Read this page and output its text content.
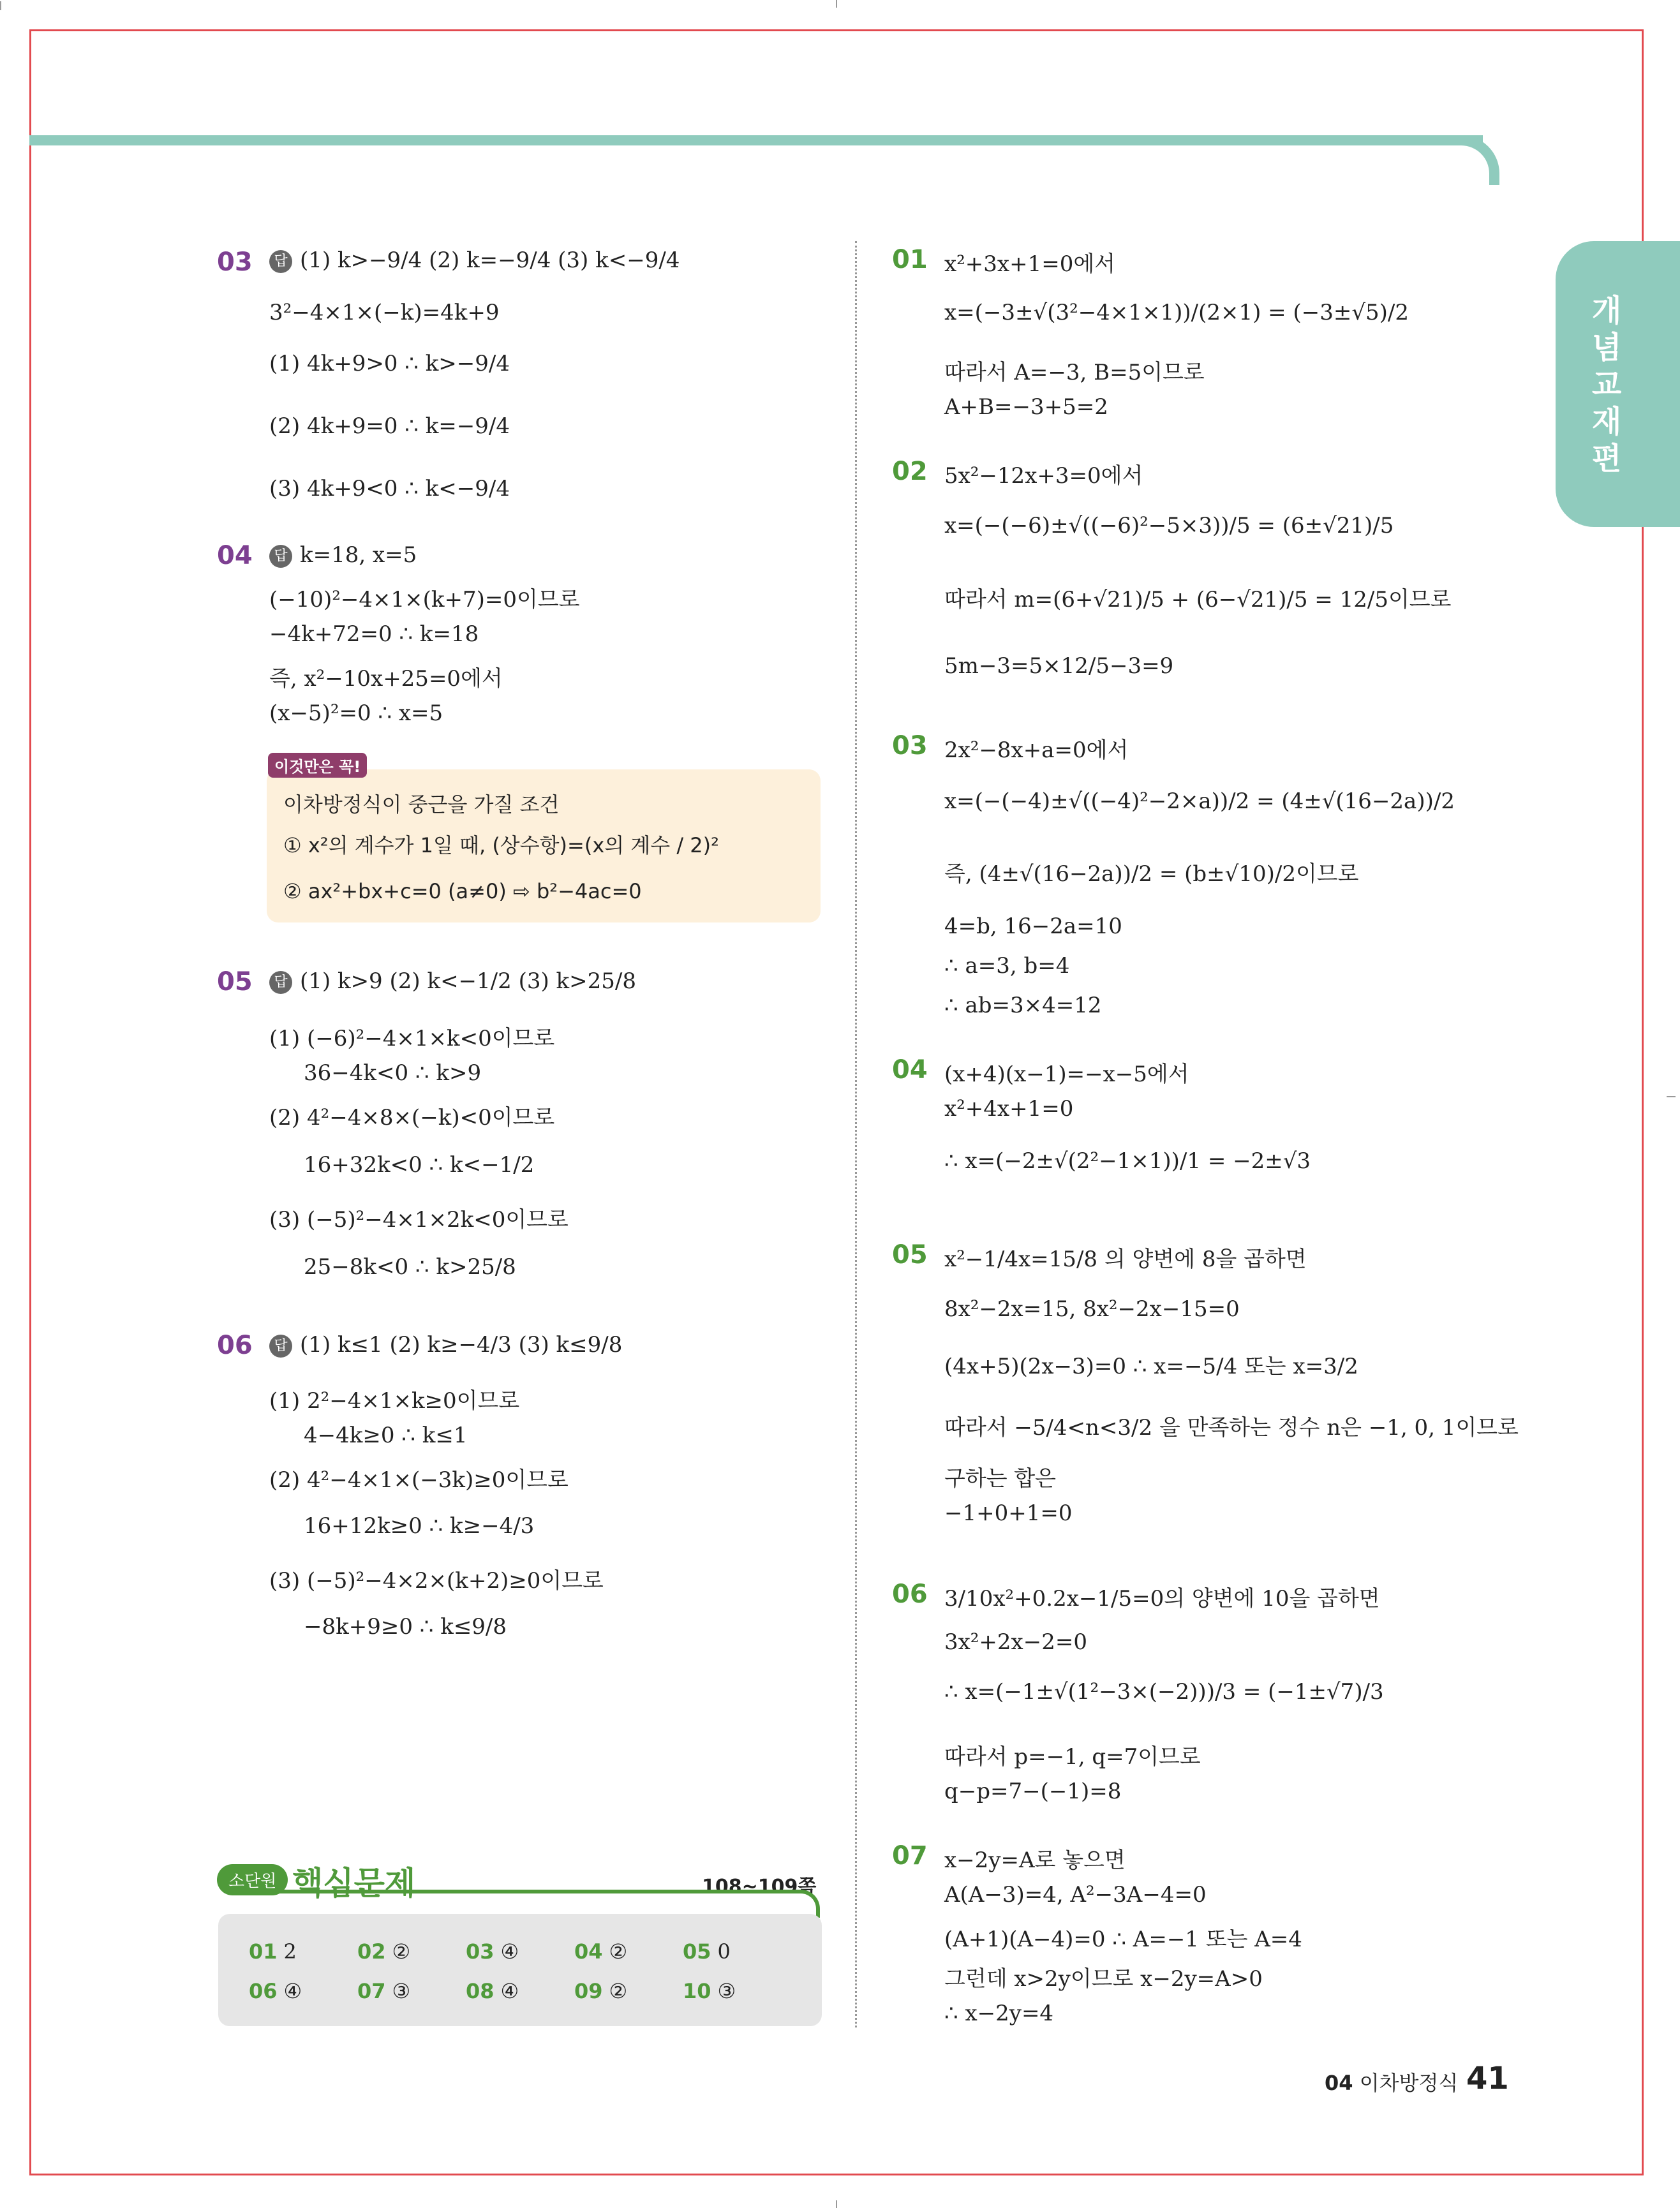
개념교재편
03	답 (1) k>−9/4 (2) k=−9/4 (3) k<−9/4
3²−4×1×(−k)=4k+9
(1) 4k+9>0 ∴ k>−9/4
(2) 4k+9=0 ∴ k=−9/4
(3) 4k+9<0 ∴ k<−9/4
04	답 k=18, x=5
(−10)²−4×1×(k+7)=0이므로
−4k+72=0 ∴ k=18
즉, x²−10x+25=0에서
(x−5)²=0 ∴ x=5
이것만은 꼭!
이차방정식이 중근을 가질 조건
① x²의 계수가 1일 때, (상수항)=(x의 계수 / 2)²
② ax²+bx+c=0 (a≠0) ⇨ b²−4ac=0
05	답 (1) k>9 (2) k<−1/2 (3) k>25/8
(1) (−6)²−4×1×k<0이므로
36−4k<0 ∴ k>9
(2) 4²−4×8×(−k)<0이므로
16+32k<0 ∴ k<−1/2
(3) (−5)²−4×1×2k<0이므로
25−8k<0 ∴ k>25/8
06	답 (1) k≤1 (2) k≥−4/3 (3) k≤9/8
(1) 2²−4×1×k≥0이므로
4−4k≥0 ∴ k≤1
(2) 4²−4×1×(−3k)≥0이므로
16+12k≥0 ∴ k≥−4/3
(3) (−5)²−4×2×(k+2)≥0이므로
−8k+9≥0 ∴ k≤9/8
소단원 핵심문제	108~109쪽
01 2	02 ②	03 ④	04 ②	05 0
06 ④	07 ③	08 ④	09 ②	10 ③
01 x²+3x+1=0에서
x=(−3±√(3²−4×1×1))/(2×1) = (−3±√5)/2
따라서 A=−3, B=5이므로
A+B=−3+5=2
02 5x²−12x+3=0에서
x=(−(−6)±√((−6)²−5×3))/5 = (6±√21)/5
따라서 m=(6+√21)/5 + (6−√21)/5 = 12/5이므로
5m−3=5×12/5−3=9
03 2x²−8x+a=0에서
x=(−(−4)±√((−4)²−2×a))/2 = (4±√(16−2a))/2
즉, (4±√(16−2a))/2 = (b±√10)/2이므로
4=b, 16−2a=10
∴ a=3, b=4
∴ ab=3×4=12
04 (x+4)(x−1)=−x−5에서
x²+4x+1=0
∴ x=(−2±√(2²−1×1))/1 = −2±√3
05 x²−1/4x=15/8 의 양변에 8을 곱하면
8x²−2x=15, 8x²−2x−15=0
(4x+5)(2x−3)=0 ∴ x=−5/4 또는 x=3/2
따라서 −5/4<n<3/2 을 만족하는 정수 n은 −1, 0, 1이므로
구하는 합은
−1+0+1=0
06 3/10x²+0.2x−1/5=0의 양변에 10을 곱하면
3x²+2x−2=0
∴ x=(−1±√(1²−3×(−2)))/3 = (−1±√7)/3
따라서 p=−1, q=7이므로
q−p=7−(−1)=8
07 x−2y=A로 놓으면
A(A−3)=4, A²−3A−4=0
(A+1)(A−4)=0 ∴ A=−1 또는 A=4
그런데 x>2y이므로 x−2y=A>0
∴ x−2y=4
04 이차방정식 41
